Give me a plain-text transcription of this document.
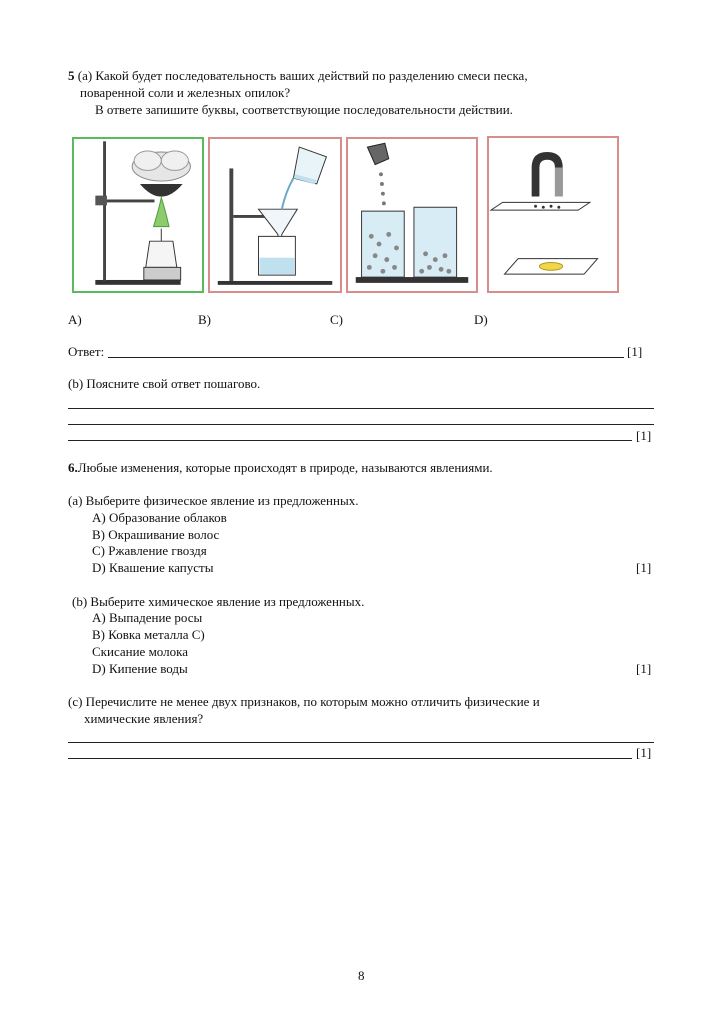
5 (a) Какой будет последовательность ваших действий по разделению смеси песка,
поваренной соли и железных опилок?
В ответе запишите буквы, соответствующие последовательности действии.
A)	B)	C)	D)
Ответ:	[1]
(b) Поясните свой ответ пошагово.
[1]
6.Любые изменения, которые происходят в природе, называются явлениями.
(a) Выберите физическое явление из предложенных.
A) Образование облаков
B) Окрашивание волос
C) Ржавление гвоздя
D) Квашение капусты	[1]
(b) Выберите химическое явление из предложенных.
A) Выпадение росы
B) Ковка металла С)
Скисание молока
D) Кипение воды	[1]
(c) Перечислите не менее двух признаков, по которым можно отличить физические и
химические явления?
[1]
8
